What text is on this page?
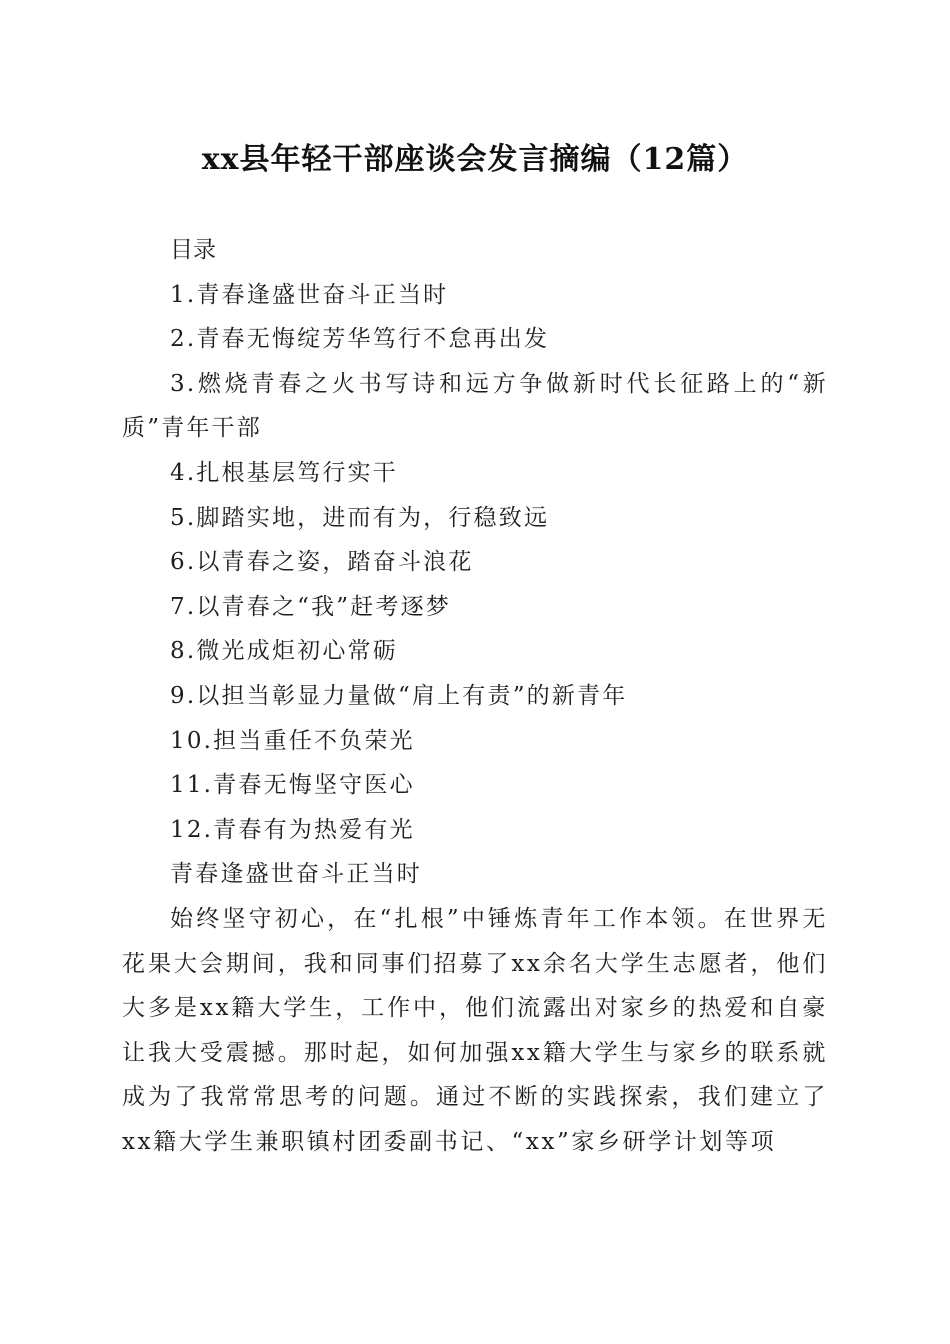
xx县年轻干部座谈会发言摘编（12篇）
目录
1.青春逢盛世奋斗正当时
2.青春无悔绽芳华笃行不怠再出发
3.燃烧青春之火书写诗和远方争做新时代长征路上的“新质”青年干部
4.扎根基层笃行实干
5.脚踏实地，进而有为，行稳致远
6.以青春之姿，踏奋斗浪花
7.以青春之“我”赶考逐梦
8.微光成炬初心常砺
9.以担当彰显力量做“肩上有责”的新青年
10.担当重任不负荣光
11.青春无悔坚守医心
12.青春有为热爱有光
青春逢盛世奋斗正当时

始终坚守初心，在“扎根”中锤炼青年工作本领。在世界无花果大会期间，我和同事们招募了xx余名大学生志愿者，他们大多是xx籍大学生，工作中，他们流露出对家乡的热爱和自豪让我大受震撼。那时起，如何加强xx籍大学生与家乡的联系就成为了我常常思考的问题。通过不断的实践探索，我们建立了xx籍大学生兼职镇村团委副书记、“xx”家乡研学计划等项
